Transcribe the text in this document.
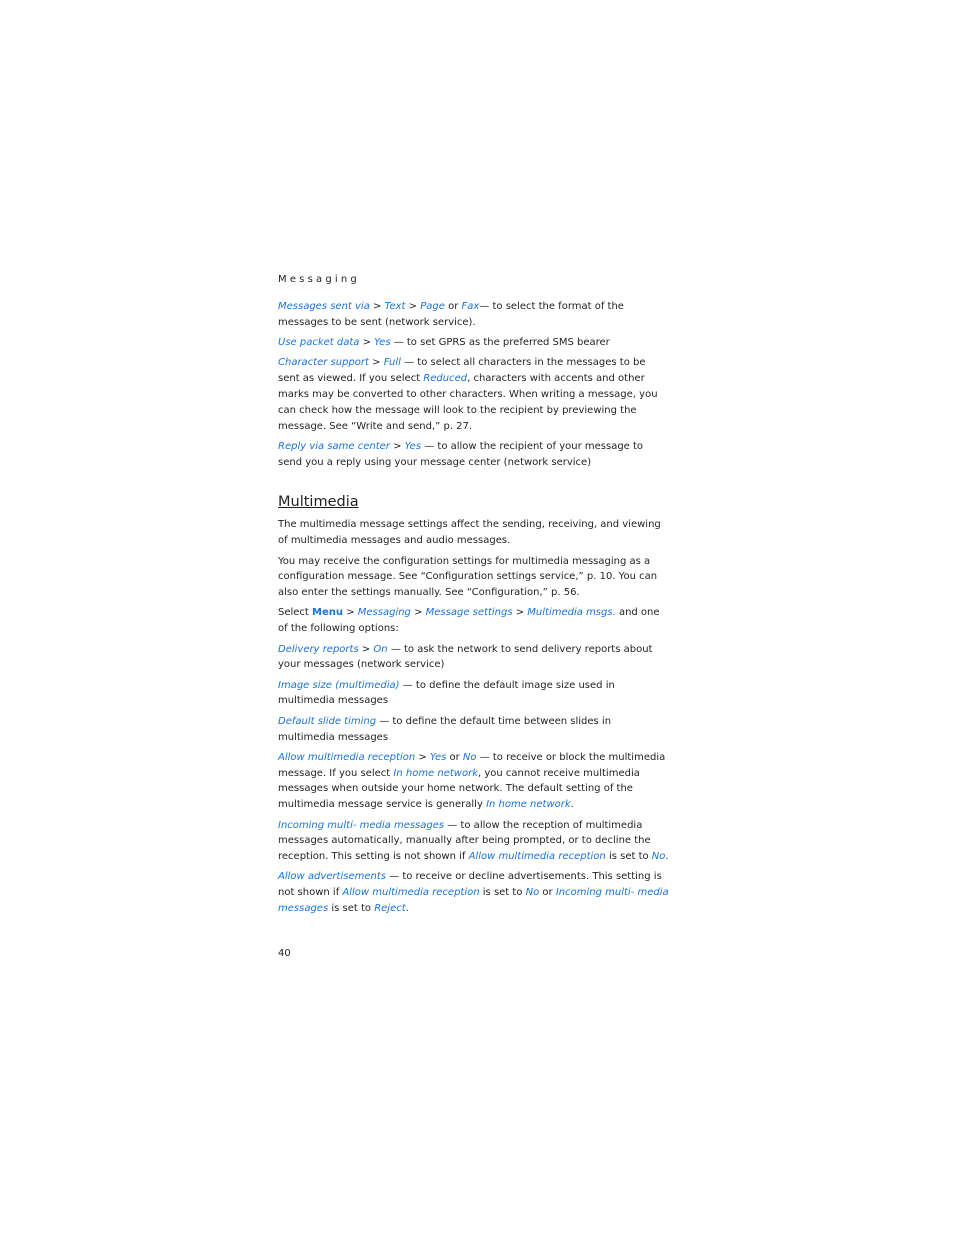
Messaging

Messages sent via > Text > Page or Fax— to select the format of the messages to be sent (network service).

Use packet data > Yes — to set GPRS as the preferred SMS bearer

Character support > Full — to select all characters in the messages to be sent as viewed. If you select Reduced, characters with accents and other marks may be converted to other characters. When writing a message, you can check how the message will look to the recipient by previewing the message. See “Write and send,” p. 27.

Reply via same center > Yes — to allow the recipient of your message to send you a reply using your message center (network service)

Multimedia

The multimedia message settings affect the sending, receiving, and viewing of multimedia messages and audio messages.

You may receive the configuration settings for multimedia messaging as a configuration message. See “Configuration settings service,” p. 10. You can also enter the settings manually. See “Configuration,” p. 56.

Select Menu > Messaging > Message settings > Multimedia msgs. and one of the following options:

Delivery reports > On — to ask the network to send delivery reports about your messages (network service)

Image size (multimedia) — to define the default image size used in multimedia messages

Default slide timing — to define the default time between slides in multimedia messages

Allow multimedia reception > Yes or No — to receive or block the multimedia message. If you select In home network, you cannot receive multimedia messages when outside your home network. The default setting of the multimedia message service is generally In home network.

Incoming multi- media messages — to allow the reception of multimedia messages automatically, manually after being prompted, or to decline the reception. This setting is not shown if Allow multimedia reception is set to No.

Allow advertisements — to receive or decline advertisements. This setting is not shown if Allow multimedia reception is set to No or Incoming multi- media messages is set to Reject.

40
